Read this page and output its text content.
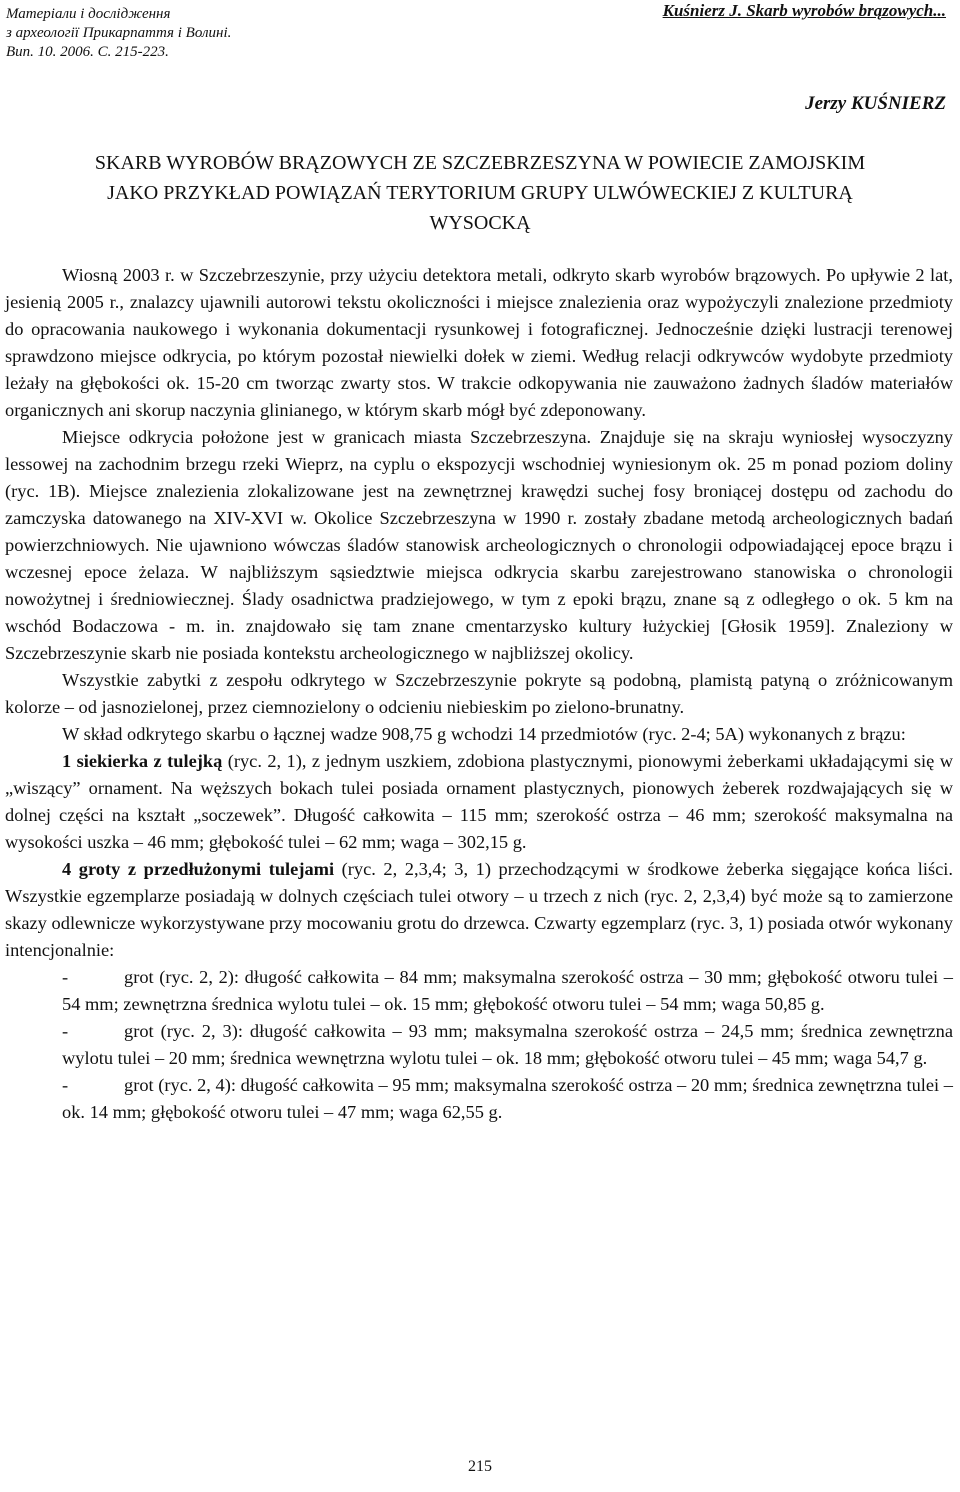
Матеріали і дослідження
з археології Прикарпаття і Волині.
Вип. 10. 2006. С. 215-223.
Kuśnierz J. Skarb wyrobów brązowych...
Jerzy KUŚNIERZ
SKARB WYROBÓW BRĄZOWYCH ZE SZCZEBRZESZYNA W POWIECIE ZAMOJSKIM
JAKO PRZYKŁAD POWIĄZAŃ TERYTORIUM GRUPY ULWÓWECKIEJ Z KULTURĄ
WYSOCKĄ

Wiosną 2003 r. w Szczebrzeszynie, przy użyciu detektora metali, odkryto skarb wyrobów brązowych. Po upływie 2 lat, jesienią 2005 r., znalazcy ujawnili autorowi tekstu okoliczności i miejsce znalezienia oraz wypożyczyli znalezione przedmioty do opracowania naukowego i wykonania dokumentacji rysunkowej i fotograficznej. Jednocześnie dzięki lustracji terenowej sprawdzono miejsce odkrycia, po którym pozostał niewielki dołek w ziemi. Według relacji odkrywców wydobyte przedmioty leżały na głębokości ok. 15-20 cm tworząc zwarty stos. W trakcie odkopywania nie zauważono żadnych śladów materiałów organicznych ani skorup naczynia glinianego, w którym skarb mógł być zdeponowany.

Miejsce odkrycia położone jest w granicach miasta Szczebrzeszyna. Znajduje się na skraju wyniosłej wysoczyzny lessowej na zachodnim brzegu rzeki Wieprz, na cyplu o ekspozycji wschodniej wyniesionym ok. 25 m ponad poziom doliny (ryc. 1B). Miejsce znalezienia zlokalizowane jest na zewnętrznej krawędzi suchej fosy broniącej dostępu od zachodu do zamczyska datowanego na XIV-XVI w. Okolice Szczebrzeszyna w 1990 r. zostały zbadane metodą archeologicznych badań powierzchniowych. Nie ujawniono wówczas śladów stanowisk archeologicznych o chronologii odpowiadającej epoce brązu i wczesnej epoce żelaza. W najbliższym sąsiedztwie miejsca odkrycia skarbu zarejestrowano stanowiska o chronologii nowożytnej i średniowiecznej. Ślady osadnictwa pradziejowego, w tym z epoki brązu, znane są z odległego o ok. 5 km na wschód Bodaczowa - m. in. znajdowało się tam znane cmentarzysko kultury łużyckiej [Głosik 1959]. Znaleziony w Szczebrzeszynie skarb nie posiada kontekstu archeologicznego w najbliższej okolicy.

Wszystkie zabytki z zespołu odkrytego w Szczebrzeszynie pokryte są podobną, plamistą patyną o zróżnicowanym kolorze – od jasnozielonej, przez ciemnozielony o odcieniu niebieskim po zielono-brunatny.

W skład odkrytego skarbu o łącznej wadze 908,75 g wchodzi 14 przedmiotów (ryc. 2-4; 5A) wykonanych z brązu:

1 siekierka z tulejką (ryc. 2, 1), z jednym uszkiem, zdobiona plastycznymi, pionowymi żeberkami układającymi się w „wiszący” ornament. Na węższych bokach tulei posiada ornament plastycznych, pionowych żeberek rozdwajających się w dolnej części na kształt „soczewek”. Długość całkowita – 115 mm; szerokość ostrza – 46 mm; szerokość maksymalna na wysokości uszka – 46 mm; głębokość tulei – 62 mm; waga – 302,15 g.

4 groty z przedłużonymi tulejami (ryc. 2, 2,3,4; 3, 1) przechodzącymi w środkowe żeberka sięgające końca liści. Wszystkie egzemplarze posiadają w dolnych częściach tulei otwory – u trzech z nich (ryc. 2, 2,3,4) być może są to zamierzone skazy odlewnicze wykorzystywane przy mocowaniu grotu do drzewca. Czwarty egzemplarz (ryc. 3, 1) posiada otwór wykonany intencjonalnie:

-	grot (ryc. 2, 2): długość całkowita – 84 mm; maksymalna szerokość ostrza – 30 mm; głębokość otworu tulei – 54 mm; zewnętrzna średnica wylotu tulei – ok. 15 mm; głębokość otworu tulei – 54 mm; waga 50,85 g.

-	grot (ryc. 2, 3): długość całkowita – 93 mm; maksymalna szerokość ostrza – 24,5 mm; średnica zewnętrzna wylotu tulei – 20 mm; średnica wewnętrzna wylotu tulei – ok. 18 mm; głębokość otworu tulei – 45 mm; waga 54,7 g.

-	grot (ryc. 2, 4): długość całkowita – 95 mm; maksymalna szerokość ostrza – 20 mm; średnica zewnętrzna tulei – ok. 14 mm; głębokość otworu tulei – 47 mm; waga 62,55 g.

215
